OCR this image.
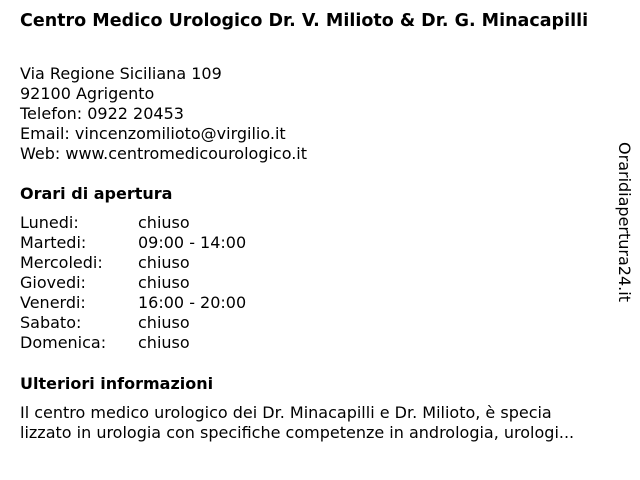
Centro Medico Urologico Dr. V. Milioto & Dr. G. Minacapilli
Via Regione Siciliana 109
92100 Agrigento
Telefon: 0922 20453
Email: vincenzomilioto@virgilio.it
Web: www.centromedicourologico.it
Orari di apertura
Lunedi:	chiuso
Martedi:	09:00 - 14:00
Mercoledi: chiuso
Giovedi:	chiuso
Venerdi:	16:00 - 20:00
Sabato:	chiuso
Domenica: chiuso
Ulteriori informazioni
Il centro medico urologico dei Dr. Minacapilli e Dr. Milioto, è specia
lizzato in urologia con specifiche competenze in andrologia, urologi...
Oraridiapertura24.it
